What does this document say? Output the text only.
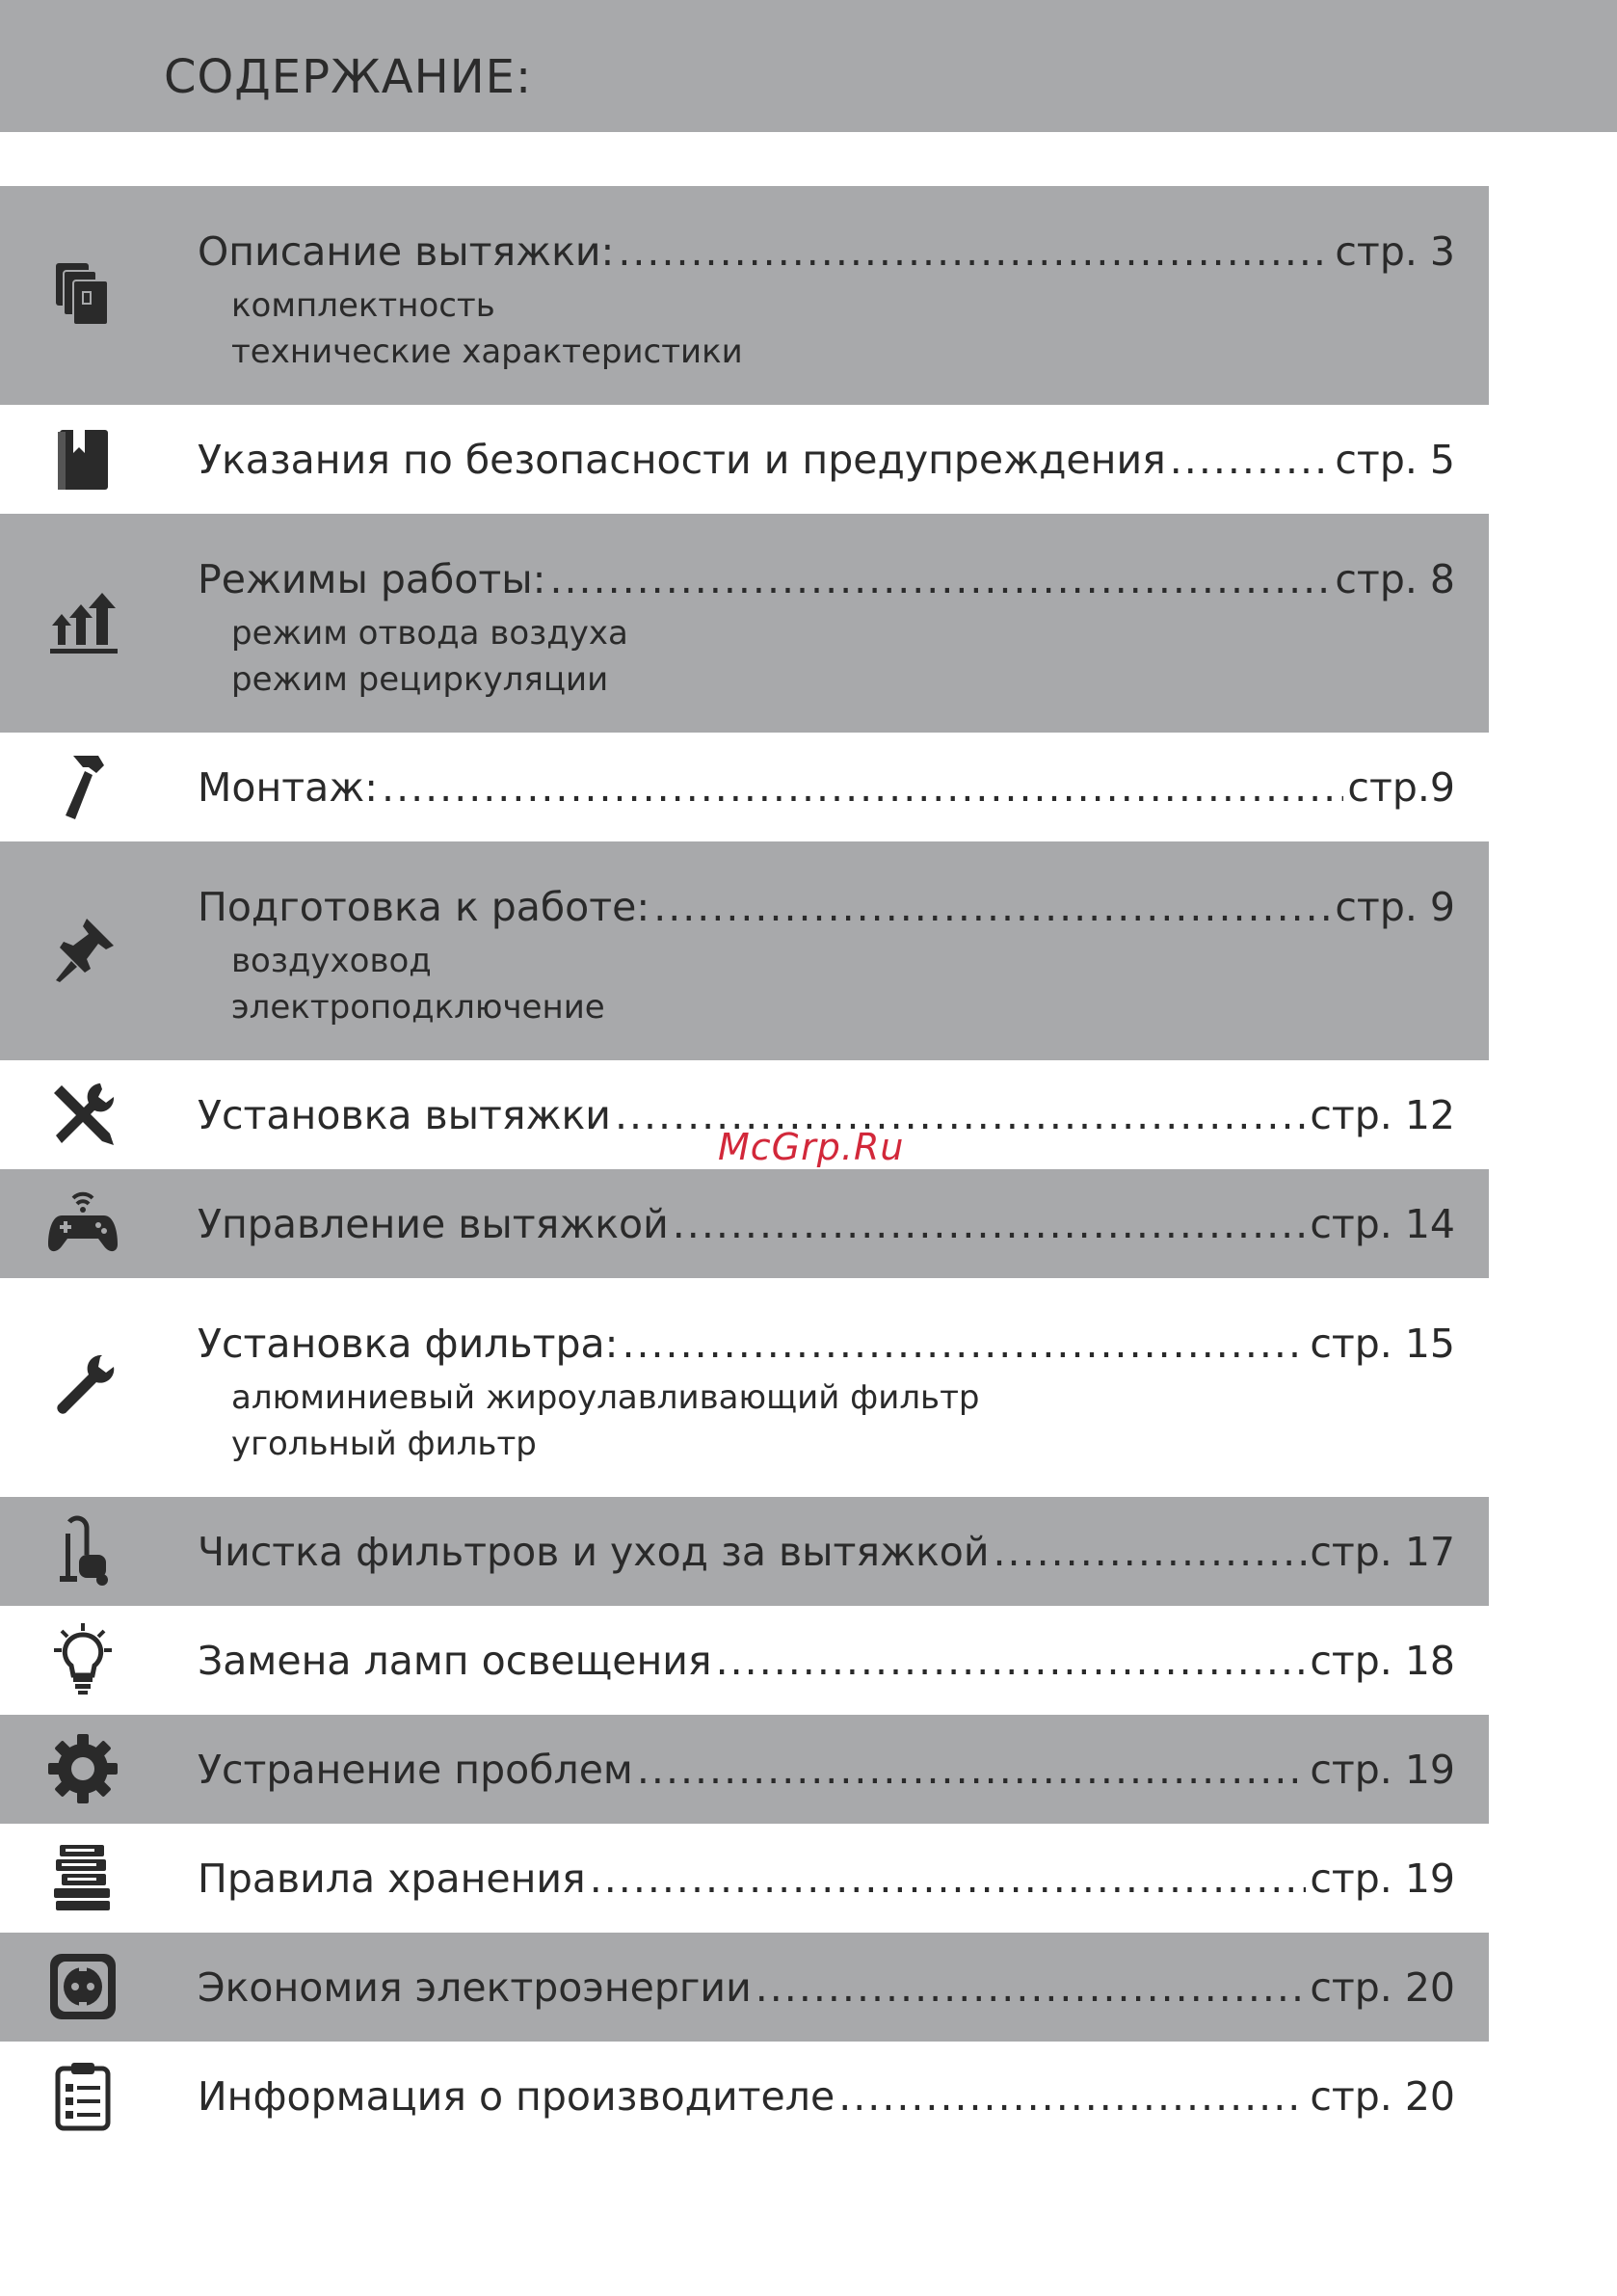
СОДЕРЖАНИЕ:
Описание вытяжки: .....	стр. 3
комплектность
технические характеристики
Указания по безопасности и предупреждения .....	стр. 5
Режимы работы: .....	стр. 8
режим отвода воздуха
режим рециркуляции
Монтаж: .....	стр.9
Подготовка к работе: .....	стр. 9
воздуховод
электроподключение
Установка вытяжки .....	стр. 12
Управление вытяжкой .....	стр. 14
Установка фильтра: .....	стр. 15
алюминиевый жироулавливающий фильтр
угольный фильтр
Чистка фильтров и уход за вытяжкой .....	стр. 17
Замена ламп освещения .....	стр. 18
Устранение проблем .....	стр. 19
Правила хранения .....	стр. 19
Экономия электроэнергии .....	стр. 20
Информация о производителе .....	стр. 20
McGrp.Ru
